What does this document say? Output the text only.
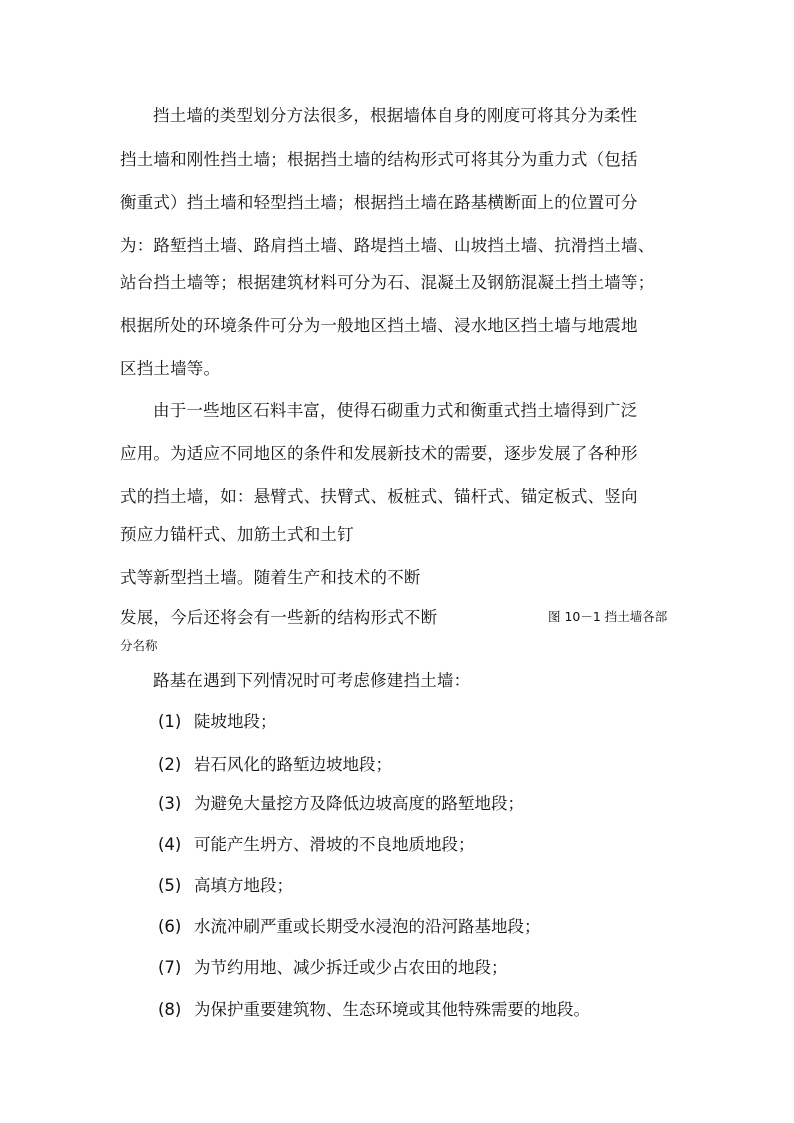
挡土墙的类型划分方法很多，根据墙体自身的刚度可将其分为柔性
挡土墙和刚性挡土墙；根据挡土墙的结构形式可将其分为重力式（包括
衡重式）挡土墙和轻型挡土墙；根据挡土墙在路基横断面上的位置可分
为：路堑挡土墙、路肩挡土墙、路堤挡土墙、山坡挡土墙、抗滑挡土墙、
站台挡土墙等；根据建筑材料可分为石、混凝土及钢筋混凝土挡土墙等；
根据所处的环境条件可分为一般地区挡土墙、浸水地区挡土墙与地震地
区挡土墙等。
由于一些地区石料丰富，使得石砌重力式和衡重式挡土墙得到广泛
应用。为适应不同地区的条件和发展新技术的需要，逐步发展了各种形
式的挡土墙，如：悬臂式、扶臂式、板桩式、锚杆式、锚定板式、竖向
预应力锚杆式、加筋土式和土钉
式等新型挡土墙。随着生产和技术的不断
发展，今后还将会有一些新的结构形式不断	图 10－1 挡土墙各部
分名称
路基在遇到下列情况时可考虑修建挡土墙：
(1) 陡坡地段；
(2) 岩石风化的路堑边坡地段；
(3) 为避免大量挖方及降低边坡高度的路堑地段；
(4) 可能产生坍方、滑坡的不良地质地段；
(5) 高填方地段；
(6) 水流冲刷严重或长期受水浸泡的沿河路基地段；
(7) 为节约用地、减少拆迁或少占农田的地段；
(8) 为保护重要建筑物、生态环境或其他特殊需要的地段。
